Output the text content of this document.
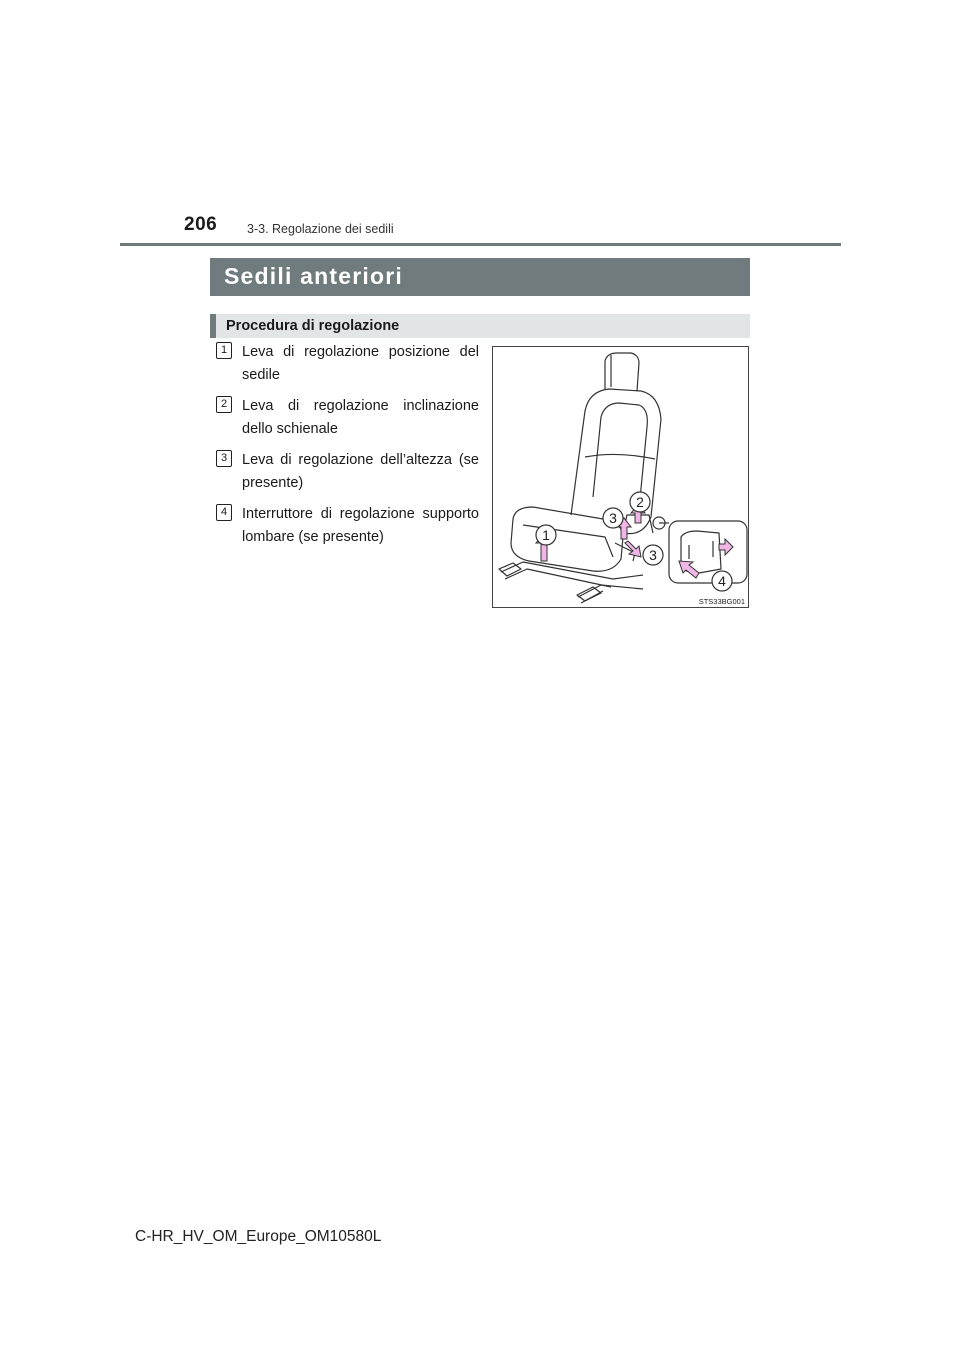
206 3-3. Regolazione dei sedili
Sedili anteriori
Procedura di regolazione
1	Leva di regolazione posizione del sedile
2	Leva di regolazione inclinazione dello schienale
3	Leva di regolazione dell’altezza (se presente)
4	Interruttore di regolazione supporto lombare (se presente)	1
2
3
3
4
STS33BG001
C-HR_HV_OM_Europe_OM10580L
